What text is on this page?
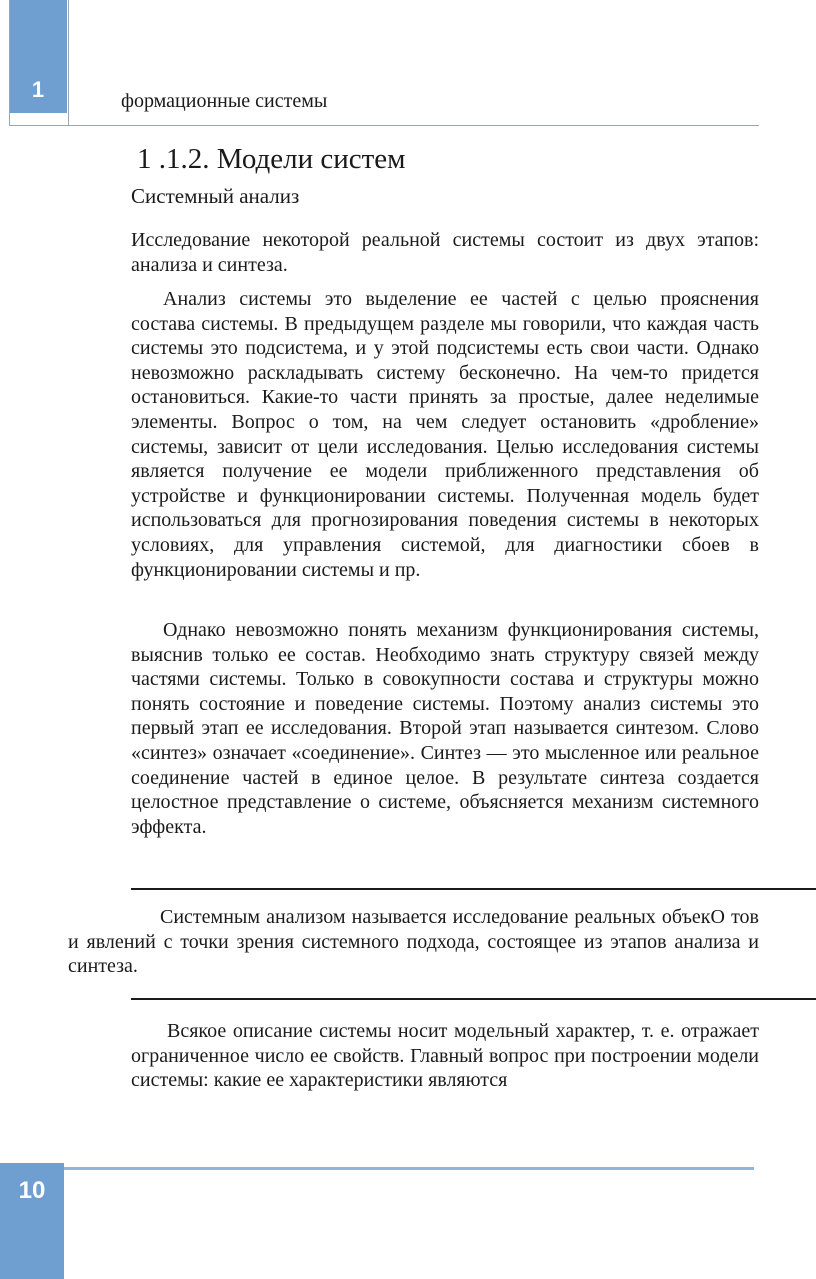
1	формационные системы
1 .1.2. Модели систем
Системный анализ

Исследование некоторой реальной системы состоит из двух этапов: анализа и синтеза.

Анализ системы это выделение ее частей с целью прояснения состава системы. В предыдущем разделе мы говорили, что каждая часть системы это подсистема, и у этой подсистемы есть свои части. Однако невозможно раскладывать систему бесконечно. На чем-то придется остановиться. Какие-то части принять за простые, далее неделимые элементы. Вопрос о том, на чем следует остановить «дробление» системы, зависит от цели исследования. Целью исследования системы является получение ее модели приближенного представления об устройстве и функционировании системы. Полученная модель будет использоваться для прогнозирования поведения системы в некоторых условиях, для управления системой, для диагностики сбоев в функционировании системы и пр.

Однако невозможно понять механизм функционирования системы, выяснив только ее состав. Необходимо знать структуру связей между частями системы. Только в совокупности состава и структуры можно понять состояние и поведение системы. Поэтому анализ системы это первый этап ее исследования. Второй этап называется синтезом. Слово «синтез» означает «соединение». Синтез — это мысленное или реальное соединение частей в единое целое. В результате синтеза создается целостное представление о системе, объясняется механизм системного эффекта.

Системным анализом называется исследование реальных объекО тов и явлений с точки зрения системного подхода, состоящее из этапов анализа и синтеза.

Всякое описание системы носит модельный характер, т. е. отражает ограниченное число ее свойств. Главный вопрос при построении модели системы: какие ее характеристики являются

10
